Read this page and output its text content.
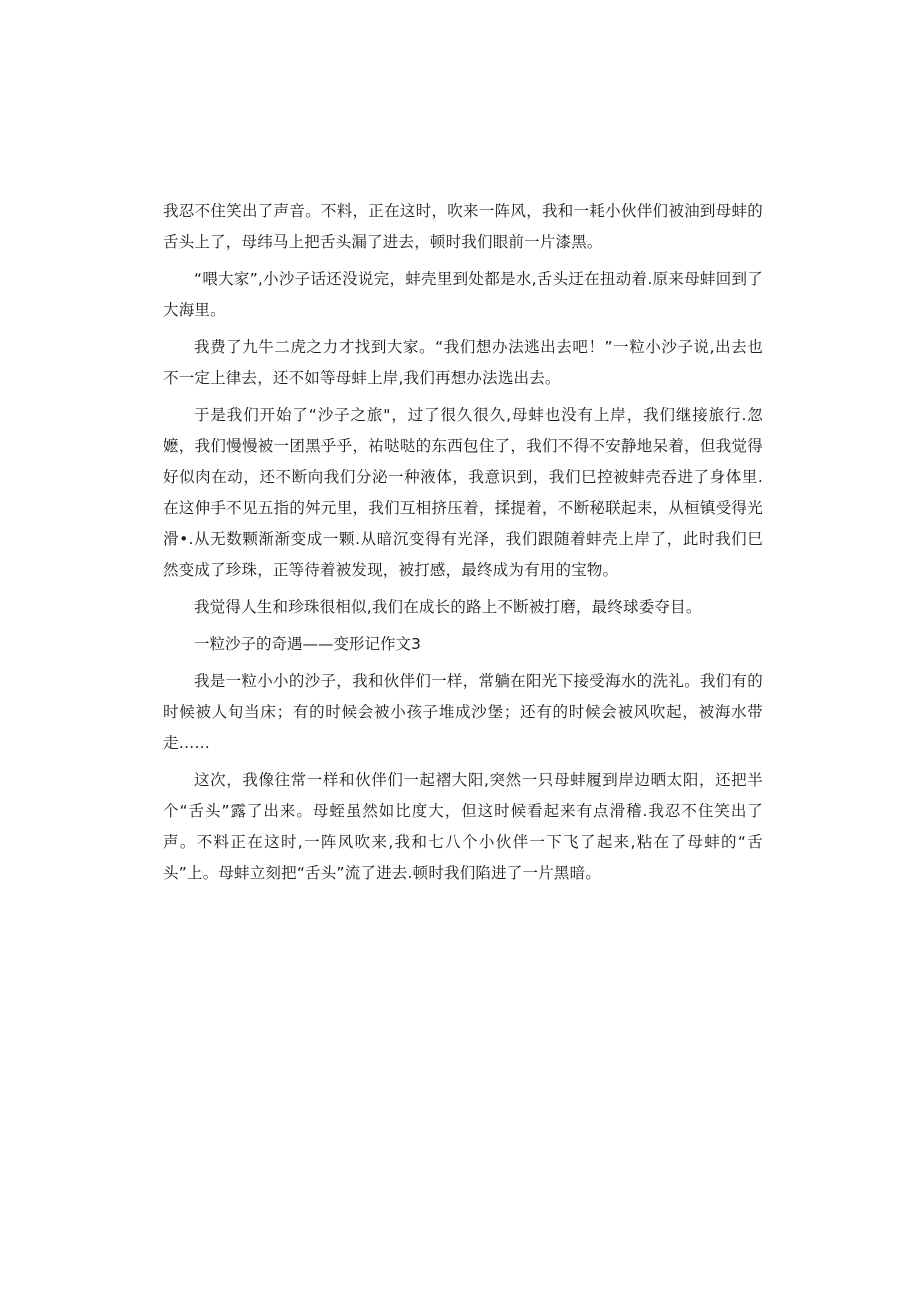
我忍不住笑出了声音。不料，正在这时，吹来一阵风，我和一耗小伙伴们被油到母蚌的舌头上了，母纬马上把舌头漏了进去，顿时我们眼前一片漆黑。

“喂大家”,小沙子话还没说完，蚌壳里到处都是水,舌头迂在扭动着.原来母蚌回到了大海里。

我费了九牛二虎之力才找到大家。“我们想办法逃出去吧！”一粒小沙子说,出去也不一定上律去，还不如等母蚌上岸,我们再想办法选出去。

于是我们开始了“沙子之旅"，过了很久很久,母蚌也没有上岸，我们继接旅行.忽嬷，我们慢慢被一团黑乎乎，祐哒哒的东西包住了，我们不得不安静地呆着，但我觉得好似肉在动，还不断向我们分泌一种液体，我意识到，我们巳控被蚌壳吞进了身体里.在这伸手不见五指的舛元里，我们互相挤压着，揉提着，不断秘联起耒，从桓镇受得光滑•.从无数颗渐渐变成一颗.从暗沉变得有光泽，我们跟随着蚌壳上岸了，此时我们巳然变成了珍珠，正等待着被发现，被打感，最终成为有用的宝物。

我觉得人生和珍珠很相似,我们在成长的路上不断被打磨，最终球委夺目。

一粒沙子的奇遇——变形记作文3

我是一粒小小的沙子，我和伙伴们一样，常躺在阳光下接受海水的洗礼。我们有的时候被人旬当床；有的时候会被小孩子堆成沙堡；还有的时候会被风吹起，被海水带走……

这次，我像往常一样和伙伴们一起褶大阳,突然一只母蚌履到岸边晒太阳，还把半个“舌头”露了出来。母蛭虽然如比度大，但这时候看起来有点滑稽.我忍不住笑出了声。不料正在这时,一阵风吹来,我和七八个小伙伴一下飞了起来,粘在了母蚌的“舌头”上。母蚌立刻把“舌头”流了进去.顿时我们陷进了一片黑暗。
